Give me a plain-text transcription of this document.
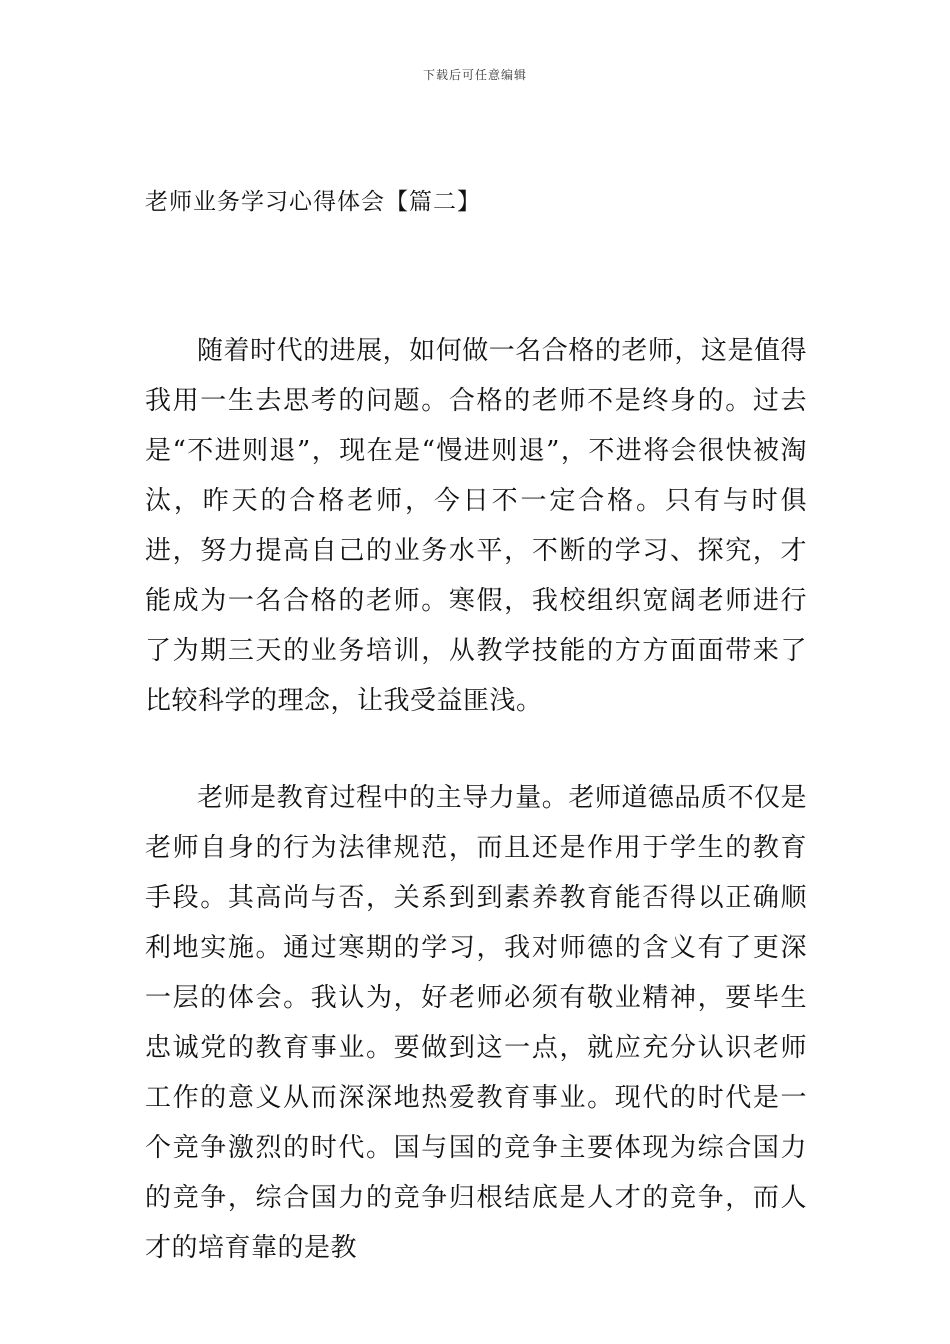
下载后可任意编辑
老师业务学习心得体会【篇二】

随着时代的进展，如何做一名合格的老师，这是值得我用一生去思考的问题。合格的老师不是终身的。过去是“不进则退”，现在是“慢进则退”，不进将会很快被淘汰，昨天的合格老师，今日不一定合格。只有与时俱进，努力提高自己的业务水平，不断的学习、探究，才能成为一名合格的老师。寒假，我校组织宽阔老师进行了为期三天的业务培训，从教学技能的方方面面带来了比较科学的理念，让我受益匪浅。

老师是教育过程中的主导力量。老师道德品质不仅是老师自身的行为法律规范，而且还是作用于学生的教育手段。其高尚与否，关系到到素养教育能否得以正确顺利地实施。通过寒期的学习，我对师德的含义有了更深一层的体会。我认为，好老师必须有敬业精神，要毕生忠诚党的教育事业。要做到这一点，就应充分认识老师工作的意义从而深深地热爱教育事业。现代的时代是一个竞争激烈的时代。国与国的竞争主要体现为综合国力的竞争，综合国力的竞争归根结底是人才的竞争，而人才的培育靠的是教
